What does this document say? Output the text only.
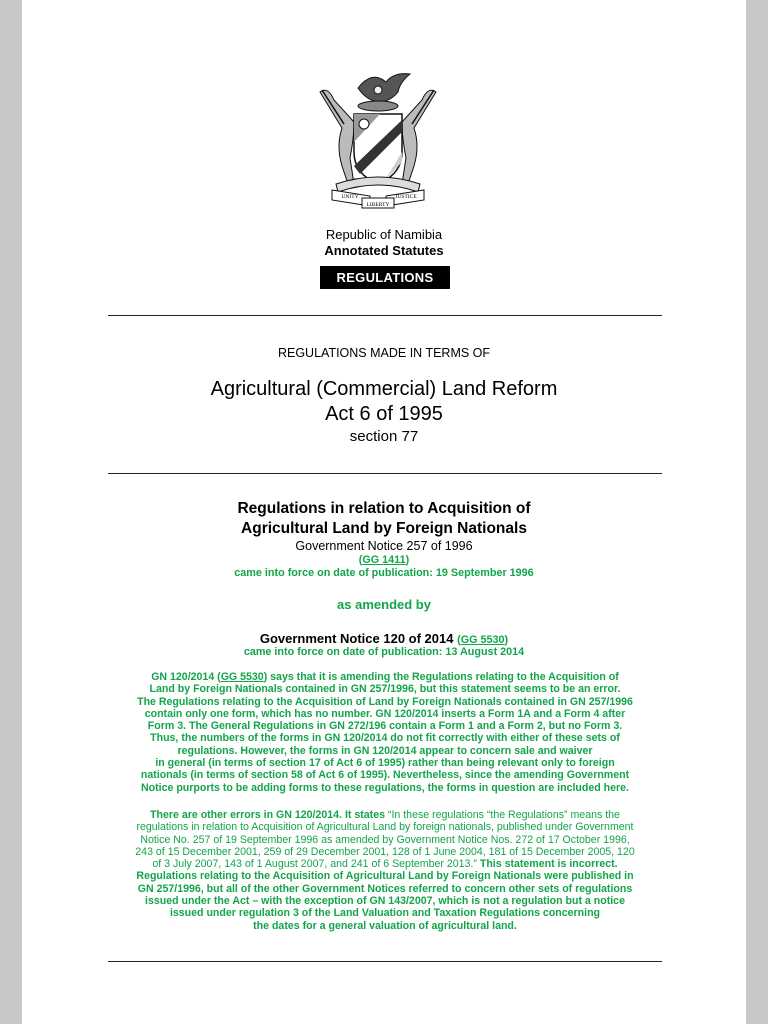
UNITY
LIBERTY
JUSTICE
Republic of Namibia
Annotated Statutes
REGULATIONS
REGULATIONS MADE IN TERMS OF
Agricultural (Commercial) Land Reform
Act 6 of 1995
section 77
Regulations in relation to Acquisition of
Agricultural Land by Foreign Nationals
Government Notice 257 of 1996
(GG 1411)
came into force on date of publication: 19 September 1996
as amended by
Government Notice 120 of 2014 (GG 5530)
came into force on date of publication: 13 August 2014
GN 120/2014 (GG 5530) says that it is amending the Regulations relating to the Acquisition of
Land by Foreign Nationals contained in GN 257/1996, but this statement seems to be an error.
The Regulations relating to the Acquisition of Land by Foreign Nationals contained in GN 257/1996
contain only one form, which has no number. GN 120/2014 inserts a Form 1A and a Form 4 after
Form 3. The General Regulations in GN 272/196 contain a Form 1 and a Form 2, but no Form 3.
Thus, the numbers of the forms in GN 120/2014 do not fit correctly with either of these sets of
regulations. However, the forms in GN 120/2014 appear to concern sale and waiver
in general (in terms of section 17 of Act 6 of 1995) rather than being relevant only to foreign
nationals (in terms of section 58 of Act 6 of 1995). Nevertheless, since the amending Government
Notice purports to be adding forms to these regulations, the forms in question are included here.
There are other errors in GN 120/2014. It states “In these regulations “the Regulations” means the
regulations in relation to Acquisition of Agricultural Land by foreign nationals, published under Government
Notice No. 257 of 19 September 1996 as amended by Government Notice Nos. 272 of 17 October 1996,
243 of 15 December 2001, 259 of 29 December 2001, 128 of 1 June 2004, 181 of 15 December 2005, 120
of 3 July 2007, 143 of 1 August 2007, and 241 of 6 September 2013.” This statement is incorrect.
Regulations relating to the Acquisition of Agricultural Land by Foreign Nationals were published in
GN 257/1996, but all of the other Government Notices referred to concern other sets of regulations
issued under the Act – with the exception of GN 143/2007, which is not a regulation but a notice
issued under regulation 3 of the Land Valuation and Taxation Regulations concerning
the dates for a general valuation of agricultural land.
